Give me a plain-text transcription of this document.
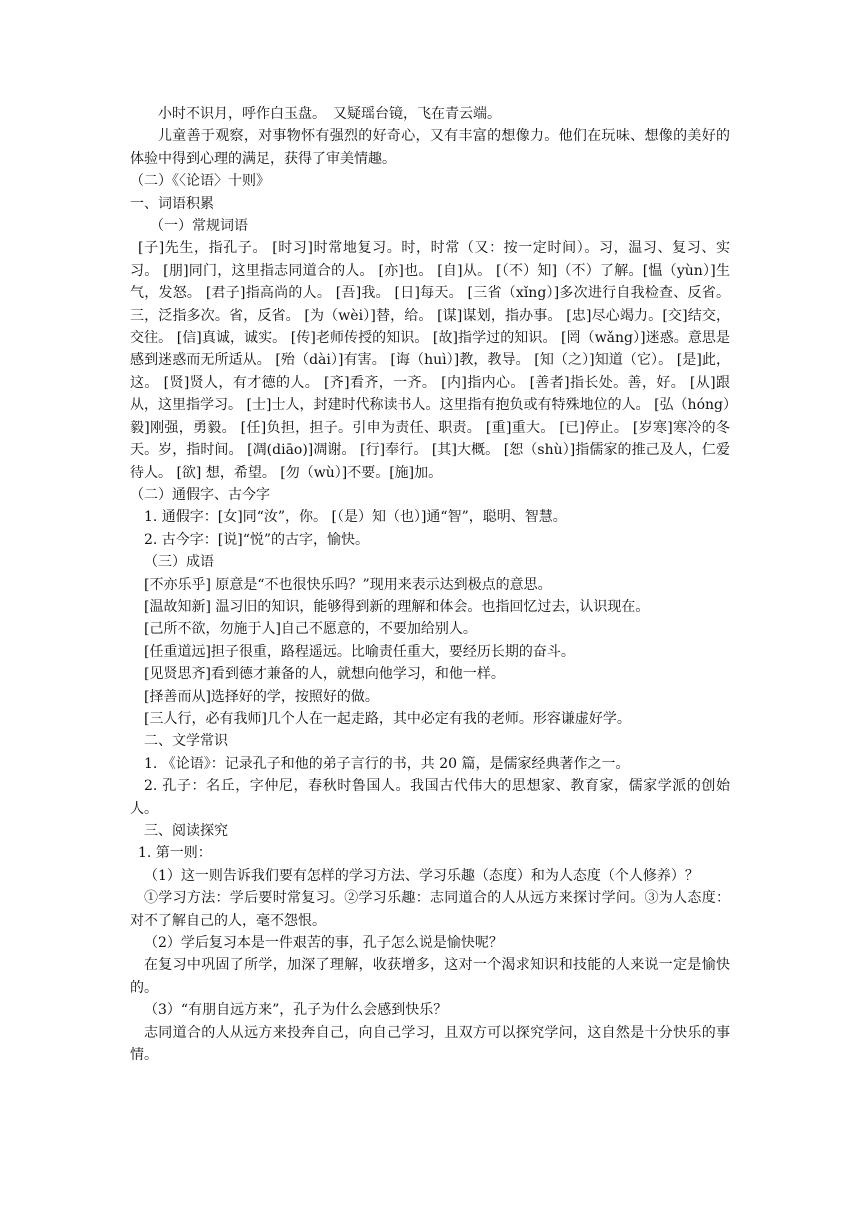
小时不识月，呼作白玉盘。　又疑瑶台镜，飞在青云端。

儿童善于观察，对事物怀有强烈的好奇心，又有丰富的想像力。他们在玩味、想像的美好的体验中得到心理的满足，获得了审美情趣。

（二）《〈论语〉十则》

一、词语积累

（一）常规词语

[子]先生，指孔子。 [时习]时常地复习。时，时常（又：按一定时间）。习，温习、复习、实习。 [朋]同门，这里指志同道合的人。 [亦]也。 [自]从。 [（不）知]（不）了解。[愠（yùn）]生气，发怒。 [君子]指高尚的人。 [吾]我。 [日]每天。 [三省（xǐng）]多次进行自我检查、反省。三，泛指多次。省，反省。 [为（wèi）]替，给。 [谋]谋划，指办事。 [忠]尽心竭力。[交]结交，交往。 [信]真诚，诚实。 [传]老师传授的知识。 [故]指学过的知识。 [罔（wǎng）]迷惑。意思是感到迷惑而无所适从。 [殆（dài）]有害。 [诲（huì）]教，教导。 [知（之）]知道（它）。 [是]此，这。 [贤]贤人，有才德的人。 [齐]看齐，一齐。 [内]指内心。 [善者]指长处。善，好。 [从]跟从，这里指学习。 [士]士人，封建时代称读书人。这里指有抱负或有特殊地位的人。 [弘（hóng）毅]刚强，勇毅。 [任]负担，担子。引申为责任、职责。 [重]重大。 [已]停止。 [岁寒]寒冷的冬天。岁，指时间。 [凋(diāo)]凋谢。 [行]奉行。 [其]大概。 [恕（shù）]指儒家的推己及人，仁爱待人。 [欲] 想，希望。 [勿（wù）]不要。[施]加。

（二）通假字、古今字

1. 通假字：[女]同“汝”，你。 [（是）知（也）]通“智”，聪明、智慧。

2. 古今字：[说]“悦”的古字，愉快。

（三）成语

[不亦乐乎] 原意是“不也很快乐吗？”现用来表示达到极点的意思。

[温故知新] 温习旧的知识，能够得到新的理解和体会。也指回忆过去，认识现在。

[己所不欲，勿施于人]自己不愿意的，不要加给别人。

[任重道远]担子很重，路程遥远。比喻责任重大，要经历长期的奋斗。

[见贤思齐]看到德才兼备的人，就想向他学习，和他一样。

[择善而从]选择好的学，按照好的做。

[三人行，必有我师]几个人在一起走路，其中必定有我的老师。形容谦虚好学。

二、文学常识

1. 《论语》：记录孔子和他的弟子言行的书，共 20 篇，是儒家经典著作之一。

2. 孔子：名丘，字仲尼，春秋时鲁国人。我国古代伟大的思想家、教育家，儒家学派的创始人。

三、阅读探究

1. 第一则：

（1）这一则告诉我们要有怎样的学习方法、学习乐趣（态度）和为人态度（个人修养）？

①学习方法：学后要时常复习。②学习乐趣：志同道合的人从远方来探讨学问。③为人态度：对不了解自己的人，毫不怨恨。

（2）学后复习本是一件艰苦的事，孔子怎么说是愉快呢？

在复习中巩固了所学，加深了理解，收获增多，这对一个渴求知识和技能的人来说一定是愉快的。

（3）“有朋自远方来”，孔子为什么会感到快乐？

志同道合的人从远方来投奔自己，向自己学习，且双方可以探究学问，这自然是十分快乐的事情。
